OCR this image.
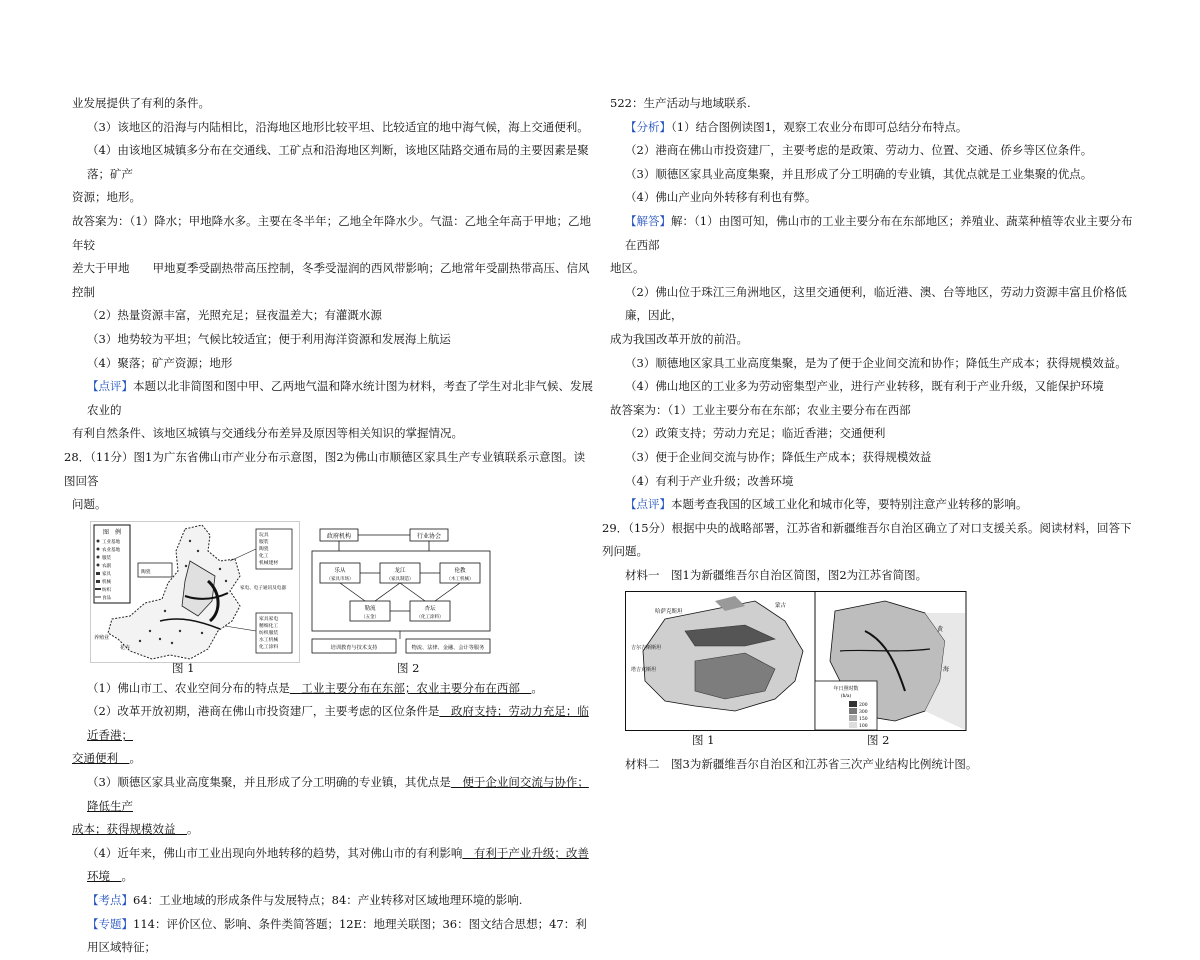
业发展提供了有利的条件。

（3）该地区的沿海与内陆相比，沿海地区地形比较平坦、比较适宜的地中海气候，海上交通便利。

（4）由该地区城镇多分布在交通线、工矿点和沿海地区判断，该地区陆路交通布局的主要因素是聚落；矿产

资源；地形。

故答案为：（1）降水；甲地降水多。主要在冬半年；乙地全年降水少。气温：乙地全年高于甲地；乙地年较

差大于甲地　　甲地夏季受副热带高压控制，冬季受湿润的西风带影响；乙地常年受副热带高压、信风控制

（2）热量资源丰富，光照充足；昼夜温差大；有灌溉水源

（3）地势较为平坦；气候比较适宜；便于利用海洋资源和发展海上航运

（4）聚落；矿产资源；地形

【点评】本题以北非简图和图中甲、乙两地气温和降水统计图为材料，考查了学生对北非气候、发展农业的

有利自然条件、该地区城镇与交通线分布差异及原因等相关知识的掌握情况。

28．（11分）图1为广东省佛山市产业分布示意图，图2为佛山市顺德区家具生产专业镇联系示意图。读图回答

问题。

图　例
工业基地
农业基地
服装
农副
家具
机械
纺织
食品
玩具
服装
陶瓷
化工
机械建材
家电、电子通讯及电器
家具家电
精细化工
纺织服装
水工机械
化工涂料
陶瓷
养殖业
花卉
政府机构	行业协会
乐从
（家具市场）
龙江
（家具制造）
伦教
（木工机械）
勒流
（五金）
杏坛
（化工涂料）
培训教育与技术支持	物流、法律、金融、会计等服务
图 1	图 2

（1）佛山市工、农业空间分布的特点是　工业主要分布在东部；农业主要分布在西部　。

（2）改革开放初期，港商在佛山市投资建厂，主要考虑的区位条件是　政府支持；劳动力充足；临近香港；

交通便利　。

（3）顺德区家具业高度集聚，并且形成了分工明确的专业镇，其优点是　便于企业间交流与协作；降低生产

成本；获得规模效益　。

（4）近年来，佛山市工业出现向外地转移的趋势，其对佛山市的有利影响　有利于产业升级；改善环境　。

【考点】64：工业地域的形成条件与发展特点；84：产业转移对区域地理环境的影响.

【专题】114：评价区位、影响、条件类简答题；12E：地理关联图；36：图文结合思想；47：利用区域特征；

522：生产活动与地域联系.

【分析】（1）结合图例读图1，观察工农业分布即可总结分布特点。

（2）港商在佛山市投资建厂，主要考虑的是政策、劳动力、位置、交通、侨乡等区位条件。

（3）顺德区家具业高度集聚，并且形成了分工明确的专业镇，其优点就是工业集聚的优点。

（4）佛山产业向外转移有利也有弊。

【解答】解：（1）由图可知，佛山市的工业主要分布在东部地区；养殖业、蔬菜种植等农业主要分布在西部

地区。

（2）佛山位于珠江三角洲地区，这里交通便利，临近港、澳、台等地区，劳动力资源丰富且价格低廉，因此，

成为我国改革开放的前沿。

（3）顺德地区家具工业高度集聚，是为了便于企业间交流和协作；降低生产成本；获得规模效益。

（4）佛山地区的工业多为劳动密集型产业，进行产业转移，既有利于产业升级，又能保护环境

故答案为：（1）工业主要分布在东部；农业主要分布在西部

（2）政策支持；劳动力充足；临近香港；交通便利

（3）便于企业间交流与协作；降低生产成本；获得规模效益

（4）有利于产业升级；改善环境

【点评】本题考查我国的区域工业化和城市化等，要特别注意产业转移的影响。

29．（15分）根据中央的战略部署，江苏省和新疆维吾尔自治区确立了对口支援关系。阅读材料，回答下列问题。

材料一　图1为新疆维吾尔自治区简图，图2为江苏省简图。

哈萨克斯坦
蒙古
吉尔吉斯斯坦
塔吉克斯坦
黄
海
年日照时数
(h/a)
200
300
150
100
图 1	图 2

材料二　图3为新疆维吾尔自治区和江苏省三次产业结构比例统计图。
